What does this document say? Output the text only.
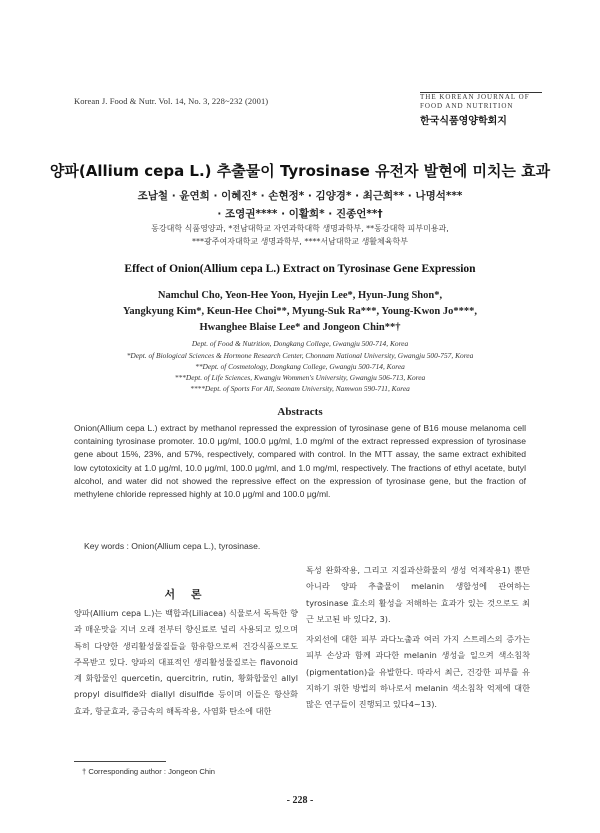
Korean J. Food & Nutr. Vol. 14, No. 3, 228~232 (2001)	THE KOREAN JOURNAL OF
FOOD AND NUTRITION
한국식품영양학회지
양파(Allium cepa L.) 추출물이 Tyrosinase 유전자 발현에 미치는 효과
조남철 · 윤연희 · 이혜진* · 손현정* · 김양경* · 최근희** · 나명석***
· 조영권**** · 이활희* · 진종언**†
동강대학 식품영양과, *전남대학교 자연과학대학 생명과학부, **동강대학 피부미용과,
***광주여자대학교 생명과학부, ****서남대학교 생활체육학부
Effect of Onion(Allium cepa L.) Extract on Tyrosinase Gene Expression
Namchul Cho, Yeon-Hee Yoon, Hyejin Lee*, Hyun-Jung Shon*,
Yangkyung Kim*, Keun-Hee Choi**, Myung-Suk Ra***, Young-Kwon Jo****,
Hwanghee Blaise Lee* and Jongeon Chin**†
Dept. of Food & Nutrition, Dongkang College, Gwangju 500-714, Korea
*Dept. of Biological Sciences & Hormone Research Center, Chonnam National University, Gwangju 500-757, Korea
**Dept. of Cosmetology, Dongkang College, Gwangju 500-714, Korea
***Dept. of Life Sciences, Kwangju Wommen's University, Gwangju 506-713, Korea
****Dept. of Sports For All, Seonam University, Namwon 590-711, Korea
Abstracts
Onion(Allium cepa L.) extract by methanol repressed the expression of tyrosinase gene of B16 mouse melanoma cell containing tyrosinase promoter. 10.0 μg/ml, 100.0 μg/ml, 1.0 mg/ml of the extract repressed expression of tyrosinase gene about 15%, 23%, and 57%, respectively, compared with control. In the MTT assay, the same extract exhibited low cytotoxicity at 1.0 μg/ml, 10.0 μg/ml, 100.0 μg/ml, and 1.0 mg/ml, respectively. The fractions of ethyl acetate, butyl alcohol, and water did not showed the repressive effect on the expression of tyrosinase gene, but the fraction of methylene chloride repressed highly at 10.0 μg/ml and 100.0 μg/ml.
Key words : Onion(Allium cepa L.), tyrosinase.
서 론

양파(Allium cepa L.)는 백합과(Liliacea) 식물로서 독특한 향과 매운맛을 지녀 오래 전부터 향신료로 널리 사용되고 있으며 특히 다양한 생리활성물질들을 함유함으로써 건강식품으로도 주목받고 있다. 양파의 대표적인 생리활성물질로는 flavonoid계 화합물인 quercetin, quercitrin, rutin, 황화합물인 allyl propyl disulfide와 diallyl disulfide 등이며 이들은 항산화 효과, 항균효과, 중금속의 해독작용, 사염화 탄소에 대한

독성 완화작용, 그리고 지질과산화물의 생성 억제작용1) 뿐만 아니라 양파 추출물이 melanin 생합성에 관여하는 tyrosinase 효소의 활성을 저해하는 효과가 있는 것으로도 최근 보고된 바 있다2, 3).

자외선에 대한 피부 과다노출과 여러 가지 스트레스의 증가는 피부 손상과 함께 과다한 melanin 생성을 일으켜 색소침착(pigmentation)을 유발한다. 따라서 최근, 건강한 피부를 유지하기 위한 방법의 하나로서 melanin 색소침착 억제에 대한 많은 연구들이 진행되고 있다4~13).

† Corresponding author : Jongeon Chin
- 228 -
